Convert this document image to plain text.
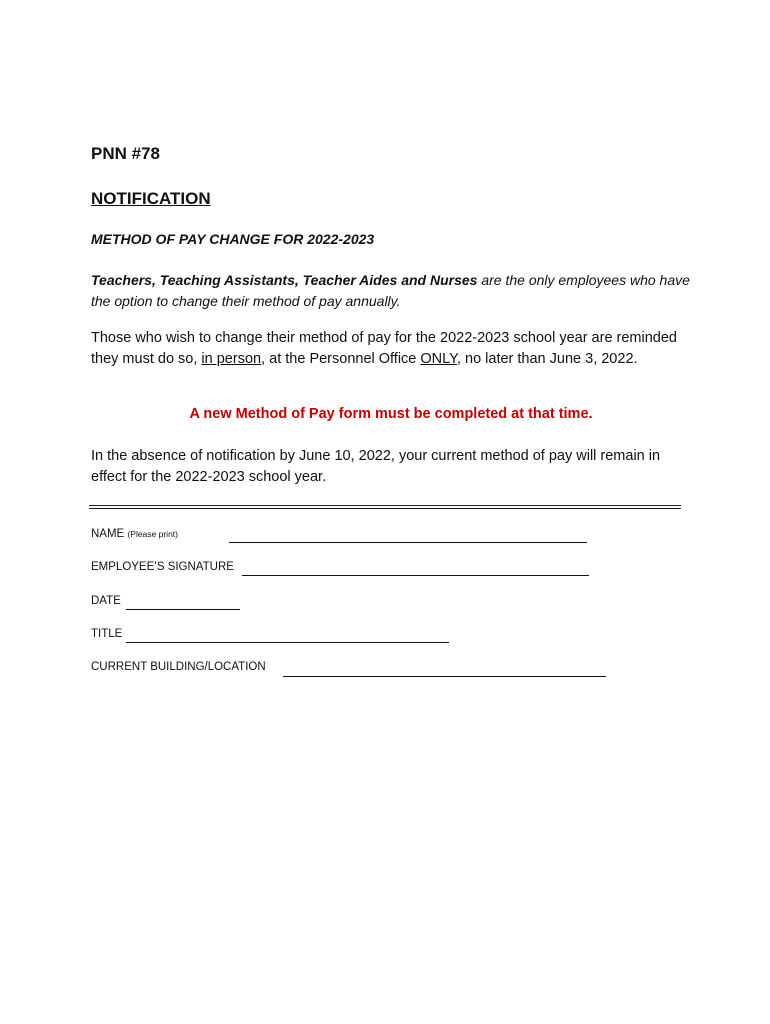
PNN #78
NOTIFICATION
METHOD OF PAY CHANGE FOR 2022-2023
Teachers, Teaching Assistants, Teacher Aides and Nurses are the only employees who have the option to change their method of pay annually.
Those who wish to change their method of pay for the 2022-2023 school year are reminded they must do so, in person, at the Personnel Office ONLY, no later than June 3, 2022.
A new Method of Pay form must be completed at that time.
In the absence of notification by June 10, 2022, your current method of pay will remain in effect for the 2022-2023 school year.
NAME (Please print)
EMPLOYEE’S SIGNATURE
DATE
TITLE
CURRENT BUILDING/LOCATION
